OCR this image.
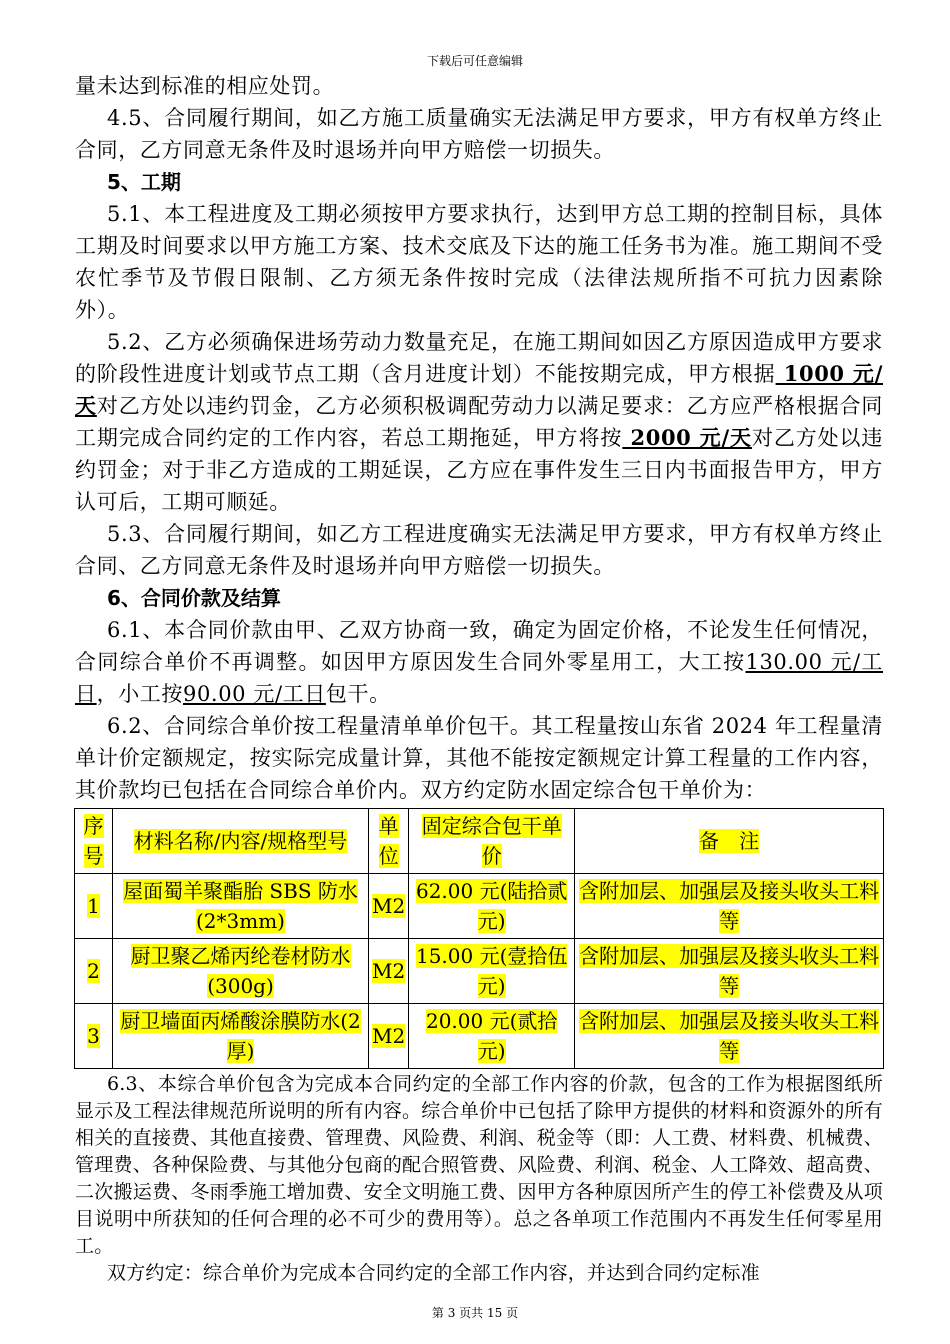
下载后可任意编辑

量未达到标准的相应处罚。

4.5、合同履行期间，如乙方施工质量确实无法满足甲方要求，甲方有权单方终止合同，乙方同意无条件及时退场并向甲方赔偿一切损失。

5、工期

5.1、本工程进度及工期必须按甲方要求执行，达到甲方总工期的控制目标，具体工期及时间要求以甲方施工方案、技术交底及下达的施工任务书为准。施工期间不受农忙季节及节假日限制、乙方须无条件按时完成（法律法规所指不可抗力因素除外）。

5.2、乙方必须确保进场劳动力数量充足，在施工期间如因乙方原因造成甲方要求的阶段性进度计划或节点工期（含月进度计划）不能按期完成，甲方根据 1000 元/天对乙方处以违约罚金，乙方必须积极调配劳动力以满足要求：乙方应严格根据合同工期完成合同约定的工作内容，若总工期拖延，甲方将按 2000 元/天对乙方处以违约罚金；对于非乙方造成的工期延误，乙方应在事件发生三日内书面报告甲方，甲方认可后，工期可顺延。

5.3、合同履行期间，如乙方工程进度确实无法满足甲方要求，甲方有权单方终止合同、乙方同意无条件及时退场并向甲方赔偿一切损失。

6、合同价款及结算

6.1、本合同价款由甲、乙双方协商一致，确定为固定价格，不论发生任何情况，合同综合单价不再调整。如因甲方原因发生合同外零星用工，大工按130.00 元/工日，小工按90.00 元/工日包干。

6.2、合同综合单价按工程量清单单价包干。其工程量按山东省 2024 年工程量清单计价定额规定，按实际完成量计算，其他不能按定额规定计算工程量的工作内容，其价款均已包括在合同综合单价内。双方约定防水固定综合包干单价为：

序号	材料名称/内容/规格型号	单位	固定综合包干单价	备　注
1	屋面蜀羊聚酯胎 SBS 防水(2*3mm)	M2	62.00 元(陆拾贰元)	含附加层、加强层及接头收头工料等
2	厨卫聚乙烯丙纶卷材防水(300g)	M2	15.00 元(壹拾伍元)	含附加层、加强层及接头收头工料等
3	厨卫墙面丙烯酸涂膜防水(2 厚)	M2	20.00 元(贰拾元)	含附加层、加强层及接头收头工料等

6.3、本综合单价包含为完成本合同约定的全部工作内容的价款，包含的工作为根据图纸所显示及工程法律规范所说明的所有内容。综合单价中已包括了除甲方提供的材料和资源外的所有相关的直接费、其他直接费、管理费、风险费、利润、税金等（即：人工费、材料费、机械费、管理费、各种保险费、与其他分包商的配合照管费、风险费、利润、税金、人工降效、超高费、二次搬运费、冬雨季施工增加费、安全文明施工费、因甲方各种原因所产生的停工补偿费及从项目说明中所获知的任何合理的必不可少的费用等）。总之各单项工作范围内不再发生任何零星用工。

双方约定：综合单价为完成本合同约定的全部工作内容，并达到合同约定标准

第 3 页共 15 页
